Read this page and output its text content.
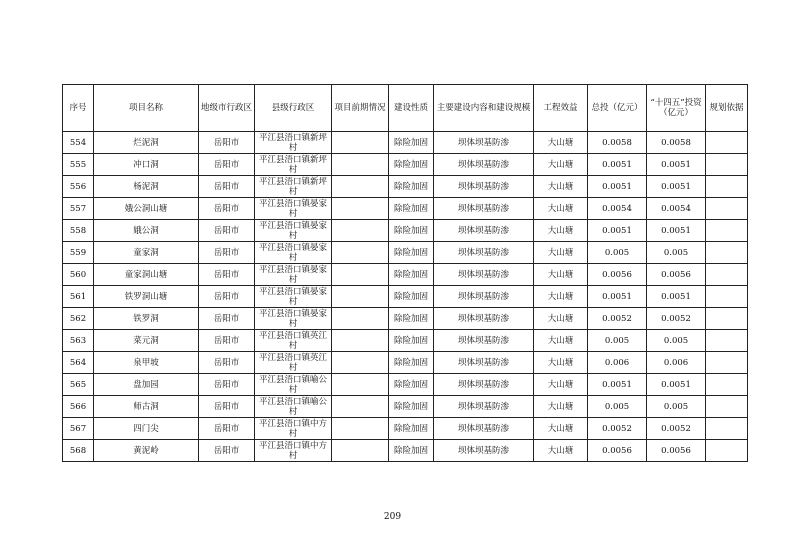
序号	项目名称	地级市行政区	县级行政区	项目前期情况	建设性质	主要建设内容和建设规模	工程效益	总投（亿元）	“十四五”投资（亿元）	规划依据
554	烂泥洞	岳阳市	平江县浯口镇新坪村		除险加固	坝体坝基防渗	大山塘	0.0058	0.0058	
555	冲口洞	岳阳市	平江县浯口镇新坪村		除险加固	坝体坝基防渗	大山塘	0.0051	0.0051	
556	杨泥洞	岳阳市	平江县浯口镇新坪村		除险加固	坝体坝基防渗	大山塘	0.0051	0.0051	
557	娥公洞山塘	岳阳市	平江县浯口镇晏家村		除险加固	坝体坝基防渗	大山塘	0.0054	0.0054	
558	娥公洞	岳阳市	平江县浯口镇晏家村		除险加固	坝体坝基防渗	大山塘	0.0051	0.0051	
559	童家洞	岳阳市	平江县浯口镇晏家村		除险加固	坝体坝基防渗	大山塘	0.005	0.005	
560	童家洞山塘	岳阳市	平江县浯口镇晏家村		除险加固	坝体坝基防渗	大山塘	0.0056	0.0056	
561	铁罗洞山塘	岳阳市	平江县浯口镇晏家村		除险加固	坝体坝基防渗	大山塘	0.0051	0.0051	
562	铁罗洞	岳阳市	平江县浯口镇晏家村		除险加固	坝体坝基防渗	大山塘	0.0052	0.0052	
563	菜元洞	岳阳市	平江县浯口镇英江村		除险加固	坝体坝基防渗	大山塘	0.005	0.005	
564	泉甲坡	岳阳市	平江县浯口镇英江村		除险加固	坝体坝基防渗	大山塘	0.006	0.006	
565	盘加园	岳阳市	平江县浯口镇喻公村		除险加固	坝体坝基防渗	大山塘	0.0051	0.0051	
566	师古洞	岳阳市	平江县浯口镇喻公村		除险加固	坝体坝基防渗	大山塘	0.005	0.005	
567	四门尖	岳阳市	平江县浯口镇中方村		除险加固	坝体坝基防渗	大山塘	0.0052	0.0052	
568	黄泥岭	岳阳市	平江县浯口镇中方村		除险加固	坝体坝基防渗	大山塘	0.0056	0.0056	
209
